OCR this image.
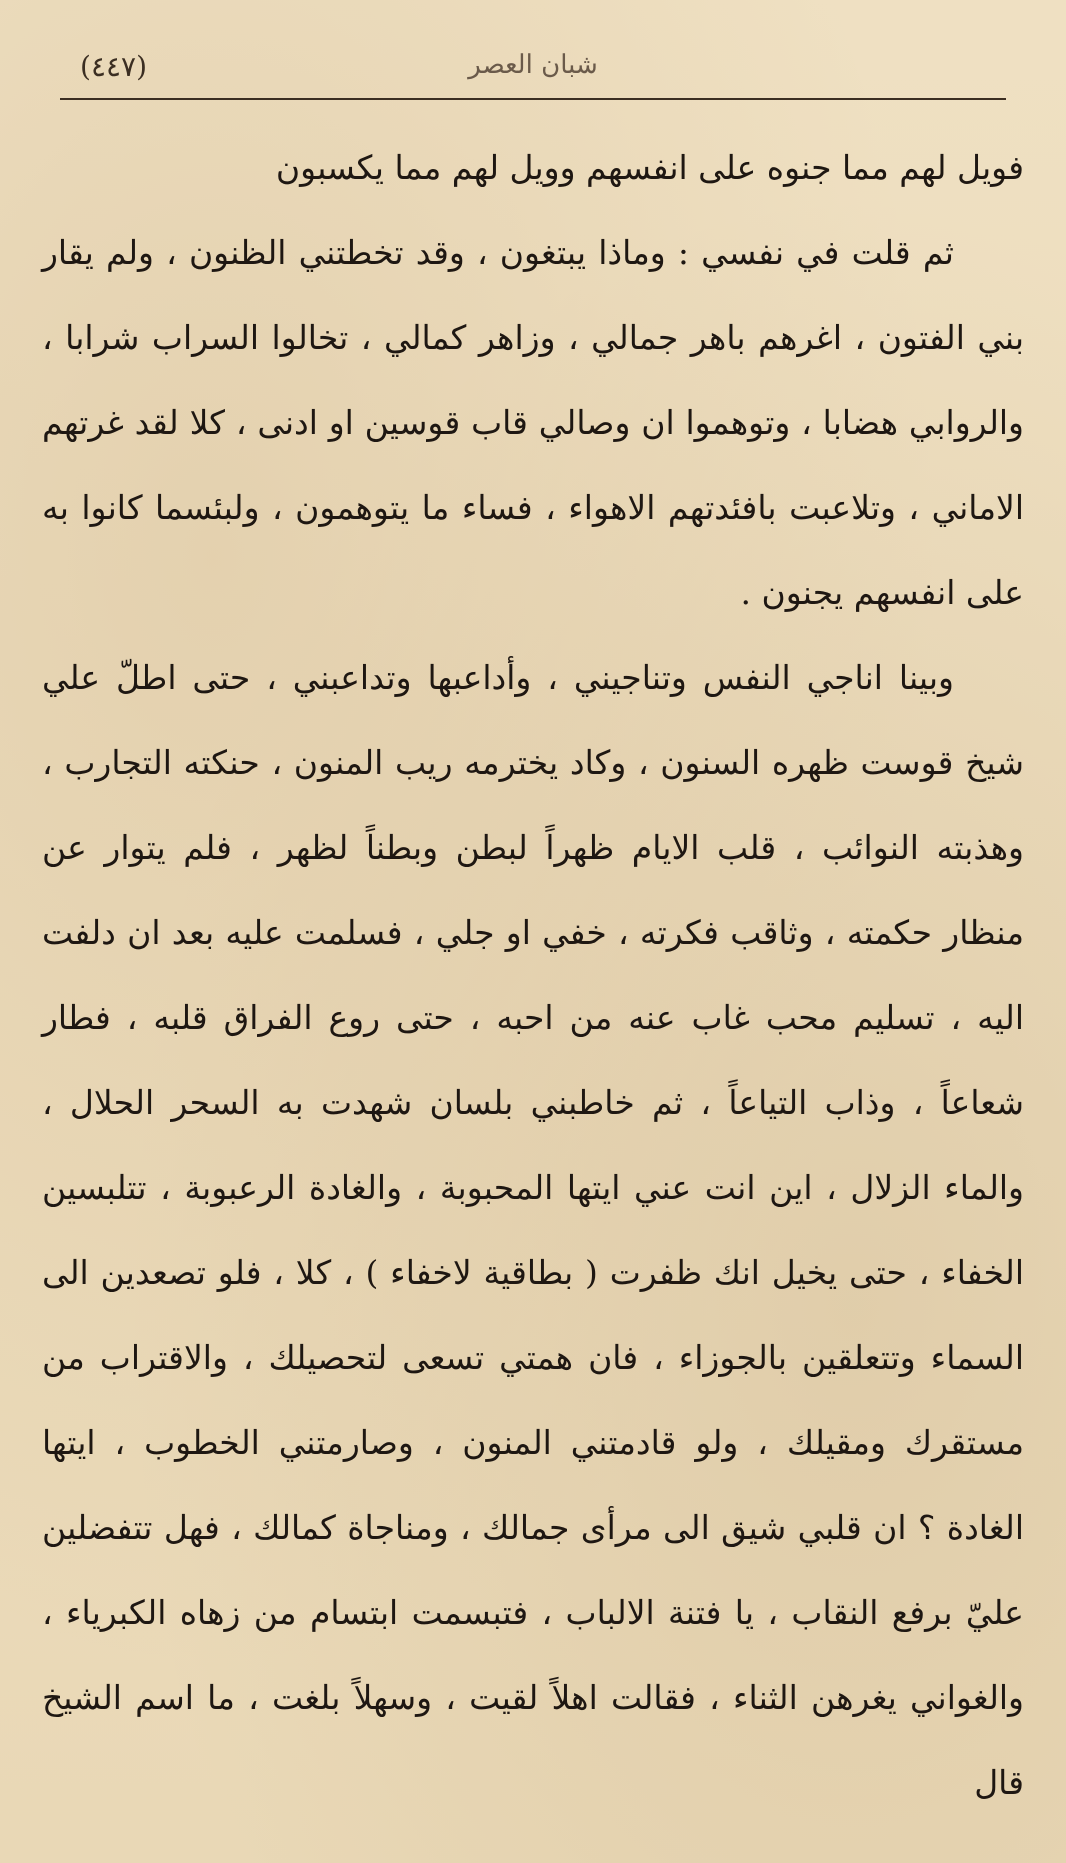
شبان العصر
(٤٤٧)

فويل لهم مما جنوه على انفسهم وويل لهم مما يكسبون

ثم قلت في نفسي : وماذا يبتغون ، وقد تخطتني الظنون ، ولم يقار بني الفتون ، اغرهم باهر جمالي ، وزاهر كمالي ، تخالوا السراب شرابا ، والروابي هضابا ، وتوهموا ان وصالي قاب قوسين او ادنى ، كلا لقد غرتهم الاماني ، وتلاعبت بافئدتهم الاهواء ، فساء ما يتوهمون ، ولبئسما كانوا به على انفسهم يجنون .

وبينا اناجي النفس وتناجيني ، وأداعبها وتداعبني ، حتى اطلّ علي شيخ قوست ظهره السنون ، وكاد يخترمه ريب المنون ، حنكته التجارب ، وهذبته النوائب ، قلب الايام ظهراً لبطن وبطناً لظهر ، فلم يتوار عن منظار حكمته ، وثاقب فكرته ، خفي او جلي ، فسلمت عليه بعد ان دلفت اليه ، تسليم محب غاب عنه من احبه ، حتى روع الفراق قلبه ، فطار شعاعاً ، وذاب التياعاً ، ثم خاطبني بلسان شهدت به السحر الحلال ، والماء الزلال ، اين انت عني ايتها المحبوبة ، والغادة الرعبوبة ، تتلبسين الخفاء ، حتى يخيل انك ظفرت ( بطاقية لاخفاء ) ، كلا ، فلو تصعدين الى السماء وتتعلقين بالجوزاء ، فان همتي تسعى لتحصيلك ، والاقتراب من مستقرك ومقيلك ، ولو قادمتني المنون ، وصارمتني الخطوب ، ايتها الغادة ؟ ان قلبي شيق الى مرأى جمالك ، ومناجاة كمالك ، فهل تتفضلين عليّ برفع النقاب ، يا فتنة الالباب ، فتبسمت ابتسام من زهاه الكبرياء ، والغواني يغرهن الثناء ، فقالت اهلاً لقيت ، وسهلاً بلغت ، ما اسم الشيخ قال
